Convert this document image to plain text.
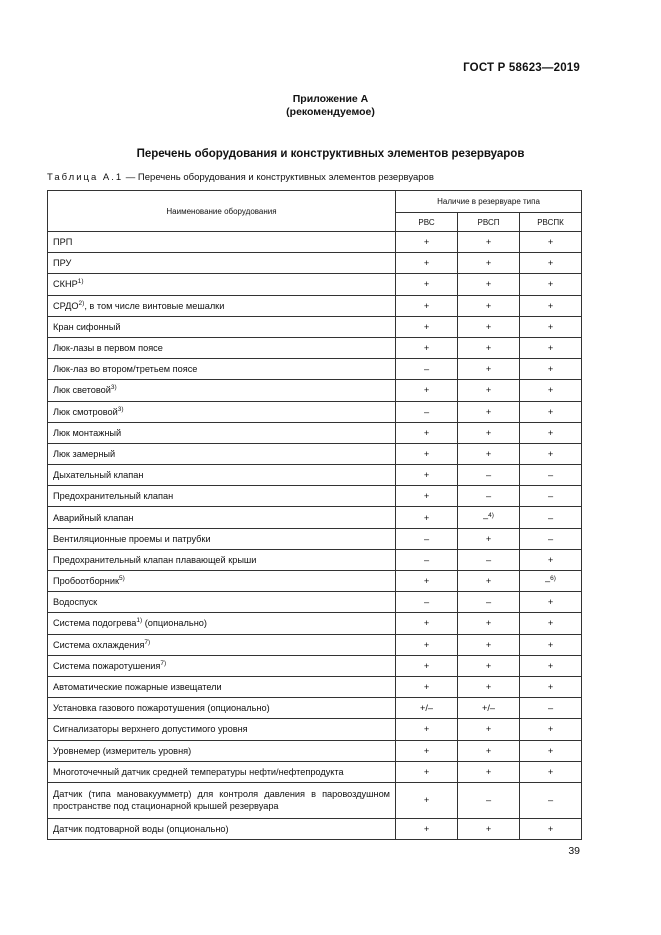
ГОСТ Р 58623—2019
Приложение А
(рекомендуемое)
Перечень оборудования и конструктивных элементов резервуаров
Таблица А.1 — Перечень оборудования и конструктивных элементов резервуаров
Наименование оборудования	Наличие в резервуаре типа		
	РВС	РВСП	РВСПК
ПРП	+	+	+
ПРУ	+	+	+
$СКНР^{1)}$	+	+	+
$СРДО^{2)}$, в том числе винтовые мешалки	+	+	+
Кран сифонный	+	+	+
Люк-лазы в первом поясе	+	+	+
Люк-лаз во втором/третьем поясе	–	+	+
Люк световой$^{3)}$	+	+	+
Люк смотровой$^{3)}$	–	+	+
Люк монтажный	+	+	+
Люк замерный	+	+	+
Дыхательный клапан	+	–	–
Предохранительный клапан	+	–	–
Аварийный клапан	+	–$^{4)}$	–
Вентиляционные проемы и патрубки	–	+	–
Предохранительный клапан плавающей крыши	–	–	+
Пробоотборник$^{5)}$	+	+	–$^{6)}$
Водоспуск	–	–	+
Система подогрева$^{1)}$ (опционально)	+	+	+
Система охлаждения$^{7)}$	+	+	+
Система пожаротушения$^{7)}$	+	+	+
Автоматические пожарные извещатели	+	+	+
Установка газового пожаротушения (опционально)	+/–	+/–	–
Сигнализаторы верхнего допустимого уровня	+	+	+
Уровнемер (измеритель уровня)	+	+	+
Многоточечный датчик средней температуры нефти/нефтепродукта	+	+	+
Датчик (типа мановакуумметр) для контроля давления в паровоздушном пространстве под стационарной крышей резервуара	+	–	–
Датчик подтоварной воды (опционально)	+	+	+
39
